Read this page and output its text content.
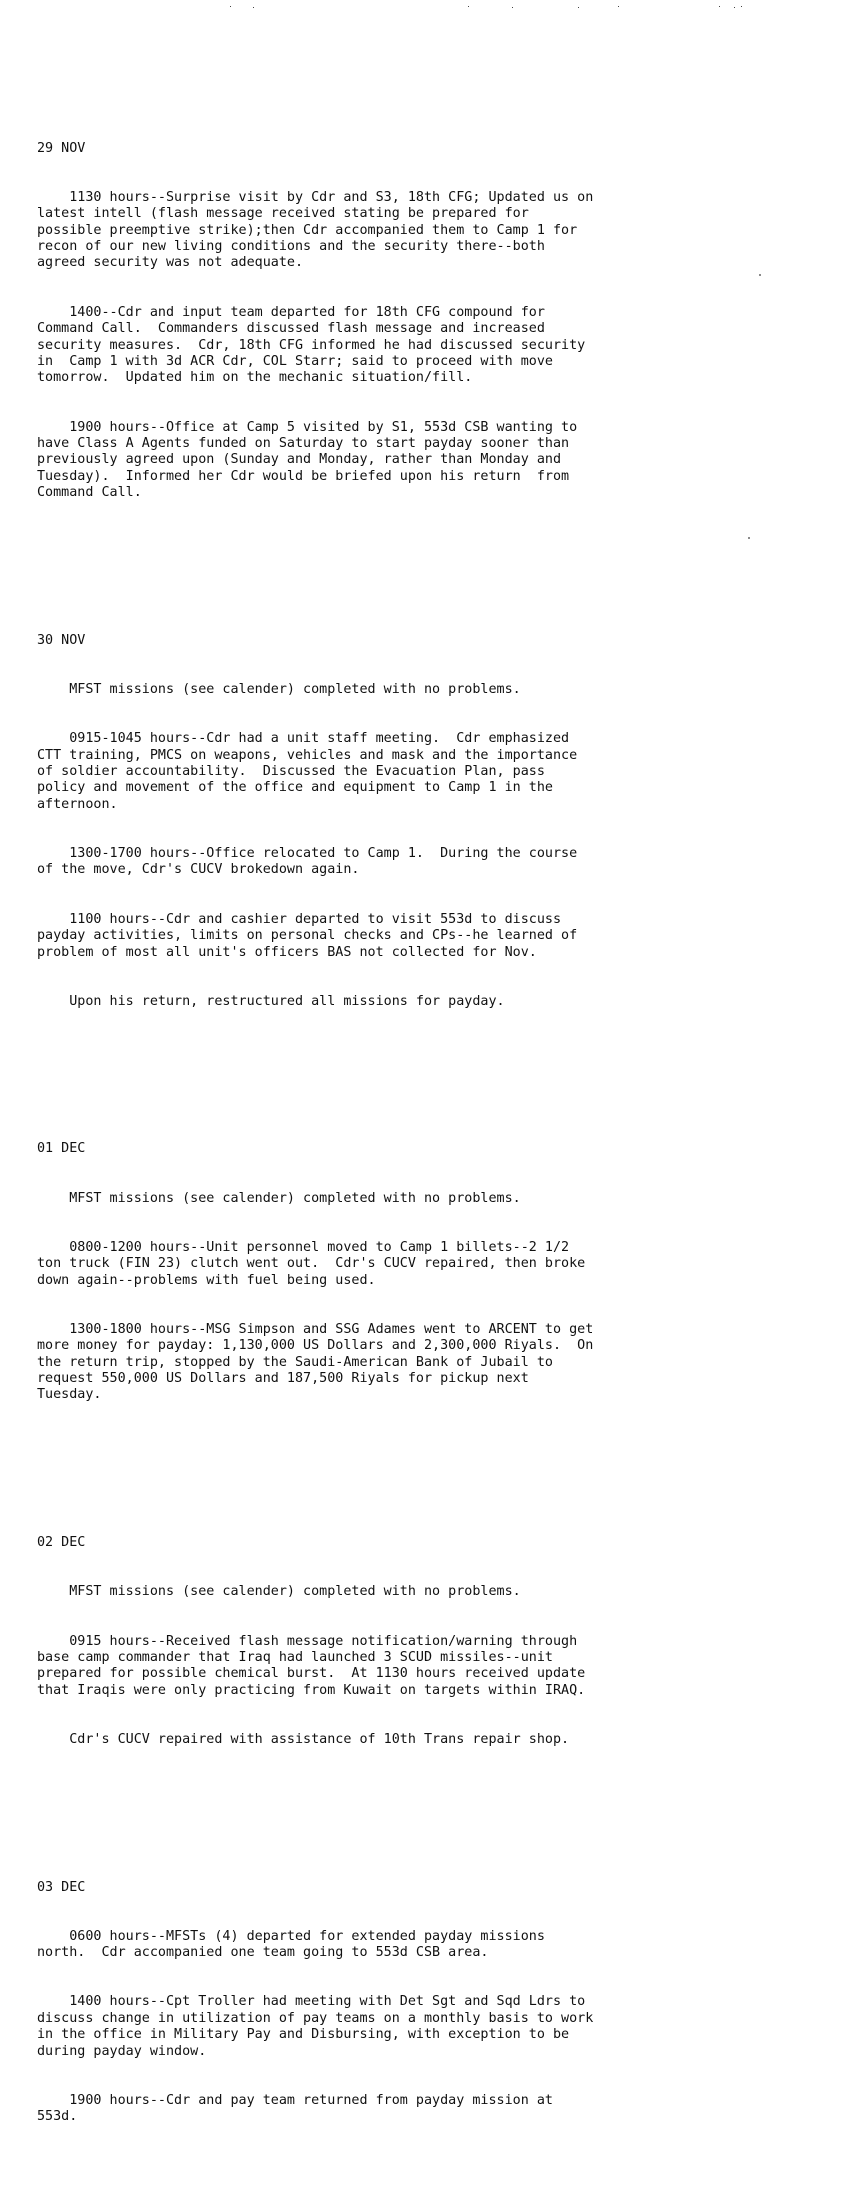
29 NOV

1130 hours--Surprise visit by Cdr and S3, 18th CFG; Updated us on
latest intell (flash message received stating be prepared for
possible preemptive strike);then Cdr accompanied them to Camp 1 for
recon of our new living conditions and the security there--both
agreed security was not adequate.

1400--Cdr and input team departed for 18th CFG compound for
Command Call.  Commanders discussed flash message and increased
security measures.  Cdr, 18th CFG informed he had discussed security
in  Camp 1 with 3d ACR Cdr, COL Starr; said to proceed with move
tomorrow.  Updated him on the mechanic situation/fill.

1900 hours--Office at Camp 5 visited by S1, 553d CSB wanting to
have Class A Agents funded on Saturday to start payday sooner than
previously agreed upon (Sunday and Monday, rather than Monday and
Tuesday).  Informed her Cdr would be briefed upon his return  from
Command Call.

30 NOV

MFST missions (see calender) completed with no problems.

0915-1045 hours--Cdr had a unit staff meeting.  Cdr emphasized
CTT training, PMCS on weapons, vehicles and mask and the importance
of soldier accountability.  Discussed the Evacuation Plan, pass
policy and movement of the office and equipment to Camp 1 in the
afternoon.

1300-1700 hours--Office relocated to Camp 1.  During the course
of the move, Cdr's CUCV brokedown again.

1100 hours--Cdr and cashier departed to visit 553d to discuss
payday activities, limits on personal checks and CPs--he learned of
problem of most all unit's officers BAS not collected for Nov.

Upon his return, restructured all missions for payday.

01 DEC

MFST missions (see calender) completed with no problems.

0800-1200 hours--Unit personnel moved to Camp 1 billets--2 1/2
ton truck (FIN 23) clutch went out.  Cdr's CUCV repaired, then broke
down again--problems with fuel being used.

1300-1800 hours--MSG Simpson and SSG Adames went to ARCENT to get
more money for payday: 1,130,000 US Dollars and 2,300,000 Riyals.  On
the return trip, stopped by the Saudi-American Bank of Jubail to
request 550,000 US Dollars and 187,500 Riyals for pickup next
Tuesday.

02 DEC

MFST missions (see calender) completed with no problems.

0915 hours--Received flash message notification/warning through
base camp commander that Iraq had launched 3 SCUD missiles--unit
prepared for possible chemical burst.  At 1130 hours received update
that Iraqis were only practicing from Kuwait on targets within IRAQ.

Cdr's CUCV repaired with assistance of 10th Trans repair shop.

03 DEC

0600 hours--MFSTs (4) departed for extended payday missions
north.  Cdr accompanied one team going to 553d CSB area.

1400 hours--Cpt Troller had meeting with Det Sgt and Sqd Ldrs to
discuss change in utilization of pay teams on a monthly basis to work
in the office in Military Pay and Disbursing, with exception to be
during payday window.

1900 hours--Cdr and pay team returned from payday mission at
553d.
